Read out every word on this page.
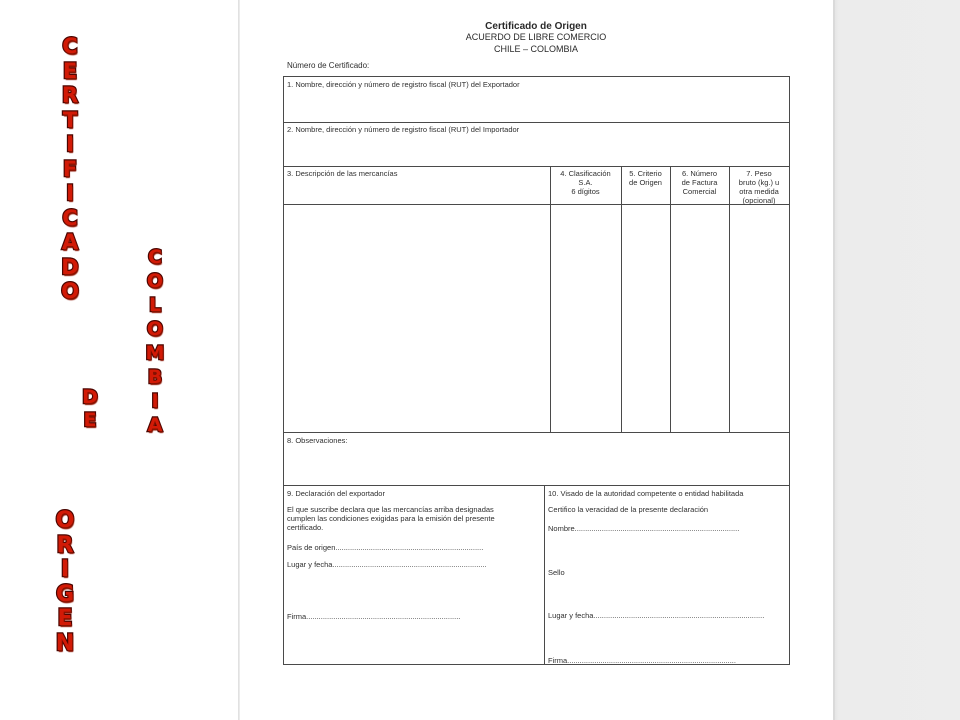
C
E
R
T
I
F
I
C
A
D
O
C
O
L
O
M
B
I
A
D
E
O
R
I
G
E
N
Certificado de Origen
ACUERDO DE LIBRE COMERCIO
CHILE – COLOMBIA
Número de Certificado:
1. Nombre, dirección y número de registro fiscal (RUT) del Exportador
2. Nombre, dirección y número de registro fiscal (RUT) del Importador
3. Descripción de las mercancías	4. Clasificación
S.A.
6 dígitos
5. Criterio
de Origen
6. Número
de Factura
Comercial
7. Peso
bruto (kg.) u
otra medida
(opcional)
8. Observaciones:
9. Declaración del exportador
El que suscribe declara que las mercancías arriba designadas
cumplen las condiciones exigidas para la emisión del presente
certificado.
País de origen.......................................................................
Lugar y fecha..........................................................................
Firma..........................................................................
10. Visado de la autoridad competente o entidad habilitada
Certifico la veracidad de la presente declaración
Nombre...............................................................................
Sello
Lugar y fecha..................................................................................
Firma.................................................................................
